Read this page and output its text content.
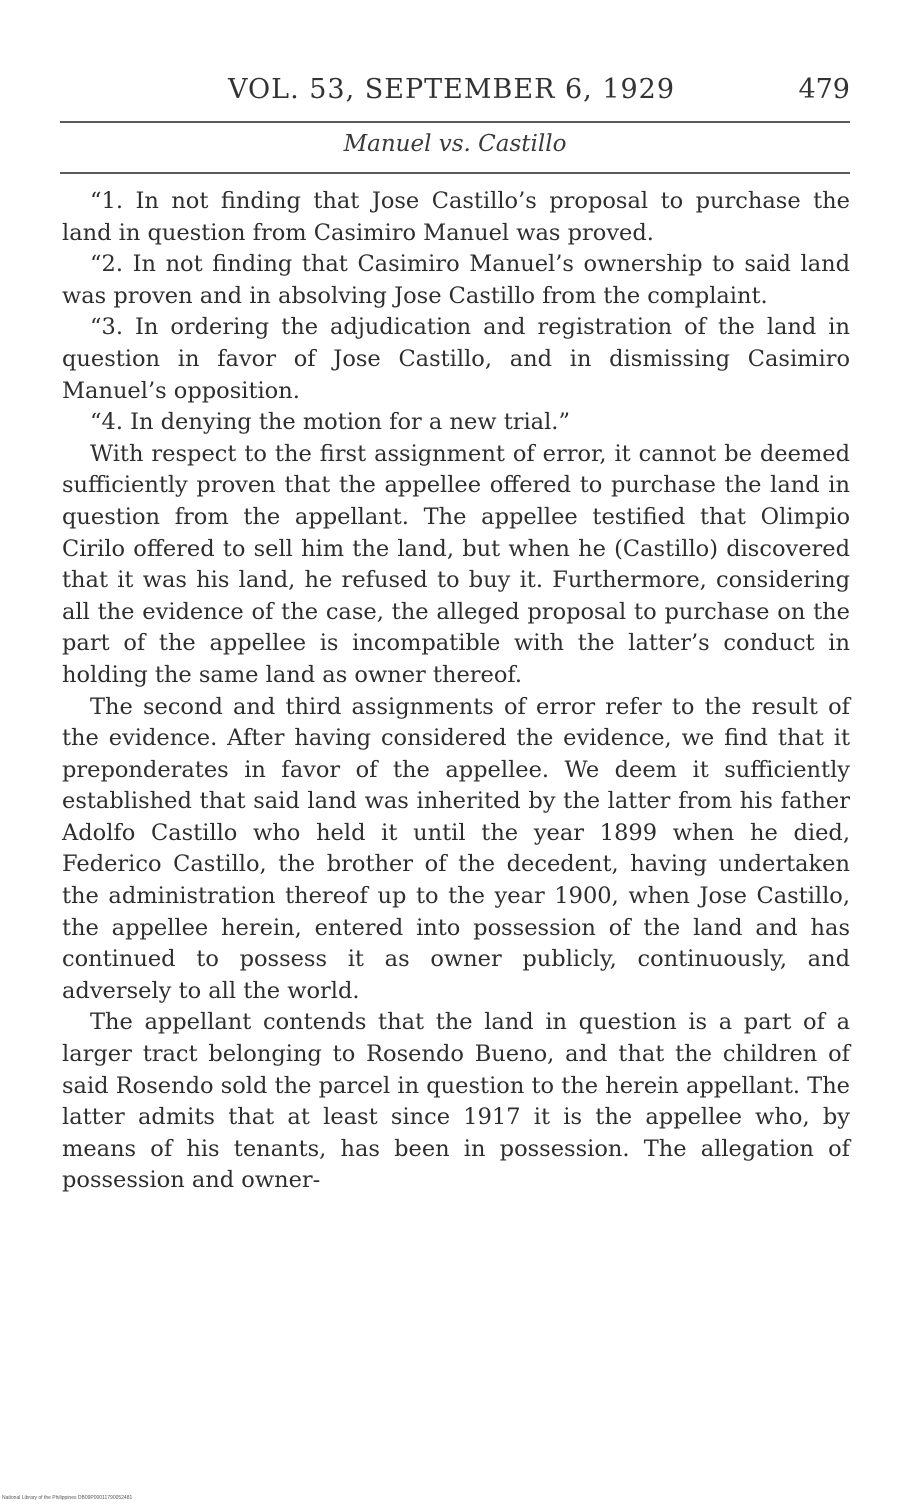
VOL. 53, SEPTEMBER 6, 1929	479
Manuel vs. Castillo

“1. In not finding that Jose Castillo’s proposal to purchase the land in question from Casimiro Manuel was proved.

“2. In not finding that Casimiro Manuel’s ownership to said land was proven and in absolving Jose Castillo from the complaint.

“3. In ordering the adjudication and registration of the land in question in favor of Jose Castillo, and in dismissing Casimiro Manuel’s opposition.

“4. In denying the motion for a new trial.”

With respect to the first assignment of error, it cannot be deemed sufficiently proven that the appellee offered to purchase the land in question from the appellant. The appellee testified that Olimpio Cirilo offered to sell him the land, but when he (Castillo) discovered that it was his land, he refused to buy it. Furthermore, considering all the evidence of the case, the alleged proposal to purchase on the part of the appellee is incompatible with the latter’s conduct in holding the same land as owner thereof.

The second and third assignments of error refer to the result of the evidence. After having considered the evidence, we find that it preponderates in favor of the appellee. We deem it sufficiently established that said land was inherited by the latter from his father Adolfo Castillo who held it until the year 1899 when he died, Federico Castillo, the brother of the decedent, having undertaken the administration thereof up to the year 1900, when Jose Castillo, the appellee herein, entered into possession of the land and has continued to possess it as owner publicly, continuously, and adversely to all the world.

The appellant contends that the land in question is a part of a larger tract belonging to Rosendo Bueno, and that the children of said Rosendo sold the parcel in question to the herein appellant. The latter admits that at least since 1917 it is the appellee who, by means of his tenants, has been in possession. The allegation of possession and owner-

National Library of the Philippines DB09P00011790052481
